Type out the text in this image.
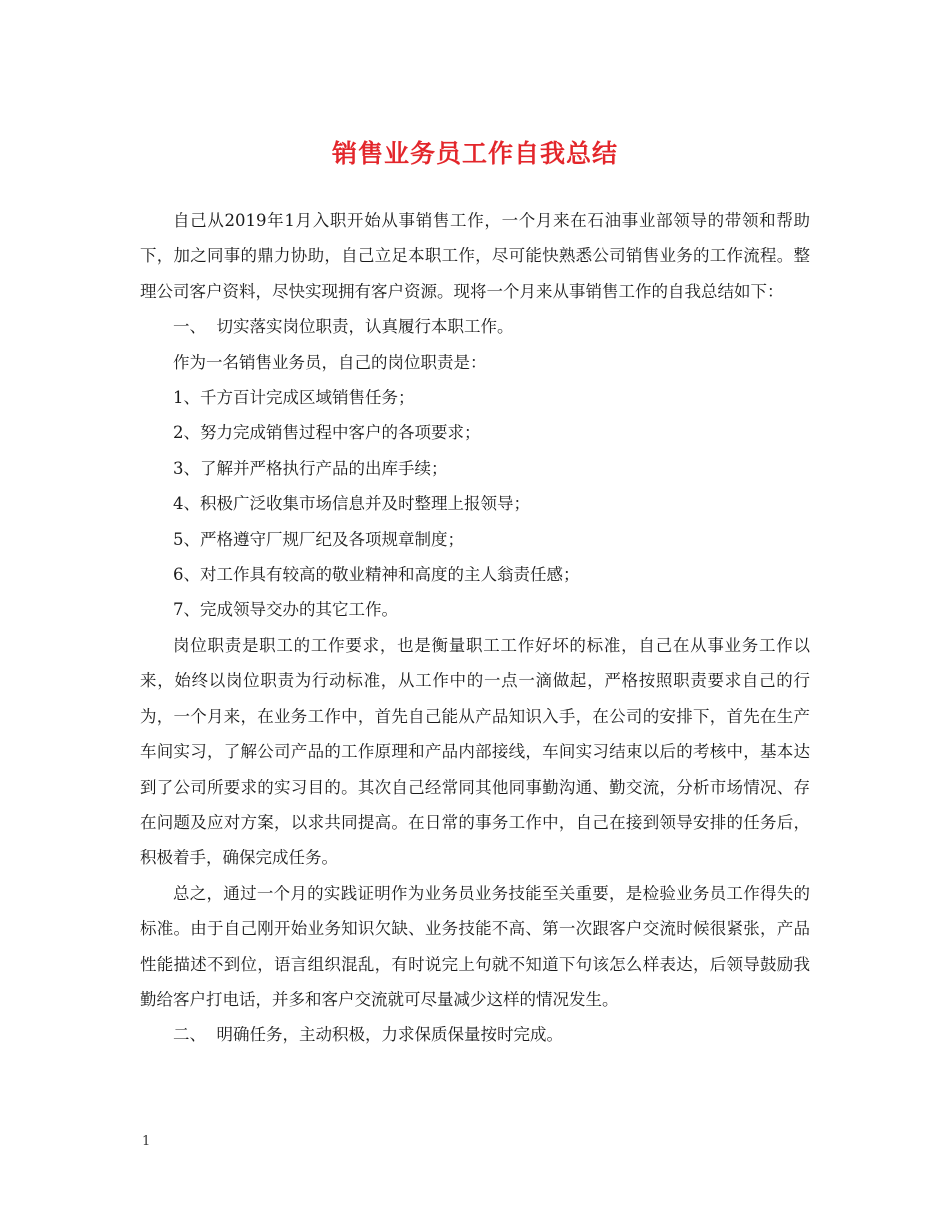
销售业务员工作自我总结

自己从2019年1月入职开始从事销售工作，一个月来在石油事业部领导的带领和帮助下，加之同事的鼎力协助，自己立足本职工作，尽可能快熟悉公司销售业务的工作流程。整理公司客户资料，尽快实现拥有客户资源。现将一个月来从事销售工作的自我总结如下：

一、  切实落实岗位职责，认真履行本职工作。

作为一名销售业务员，自己的岗位职责是：

1、千方百计完成区域销售任务；

2、努力完成销售过程中客户的各项要求；

3、了解并严格执行产品的出库手续；

4、积极广泛收集市场信息并及时整理上报领导；

5、严格遵守厂规厂纪及各项规章制度；

6、对工作具有较高的敬业精神和高度的主人翁责任感；

7、完成领导交办的其它工作。

岗位职责是职工的工作要求，也是衡量职工工作好坏的标准，自己在从事业务工作以来，始终以岗位职责为行动标准，从工作中的一点一滴做起，严格按照职责要求自己的行为，一个月来，在业务工作中，首先自己能从产品知识入手，在公司的安排下，首先在生产车间实习，了解公司产品的工作原理和产品内部接线，车间实习结束以后的考核中，基本达到了公司所要求的实习目的。其次自己经常同其他同事勤沟通、勤交流，分析市场情况、存在问题及应对方案，以求共同提高。在日常的事务工作中，自己在接到领导安排的任务后，积极着手，确保完成任务。

总之，通过一个月的实践证明作为业务员业务技能至关重要，是检验业务员工作得失的标准。由于自己刚开始业务知识欠缺、业务技能不高、第一次跟客户交流时候很紧张，产品性能描述不到位，语言组织混乱，有时说完上句就不知道下句该怎么样表达，后领导鼓励我勤给客户打电话，并多和客户交流就可尽量减少这样的情况发生。

二、  明确任务，主动积极，力求保质保量按时完成。

1
